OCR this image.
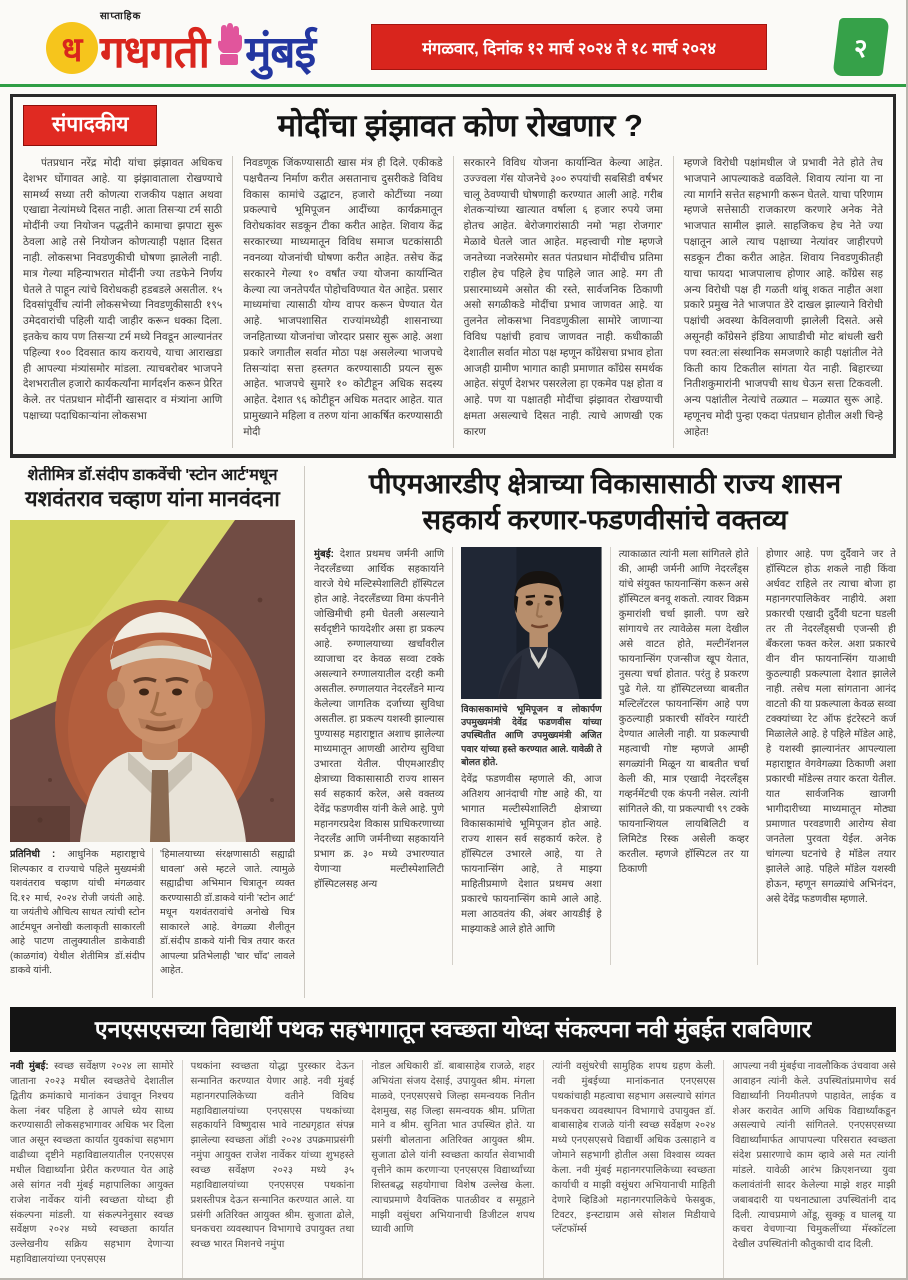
साप्ताहिक
ध गधगती मुंबई	मंगळवार, दिनांक १२ मार्च २०२४ ते १८ मार्च २०२४	२
संपादकीय	मोदींचा झंझावत कोण रोखणार ?
पंतप्रधान नरेंद्र मोदी यांचा झंझावत अधिकच देशभर घोंगावत आहे. या झंझावाताला रोखण्याचे सामर्थ्य सध्या तरी कोणत्या राजकीय पक्षात अथवा एखाद्या नेत्यांमध्ये दिसत नाही. आता तिसऱ्या टर्म साठी मोदींनी ज्या नियोजन पद्धतीने कामाचा झपाटा सुरू ठेवला आहे तसे नियोजन कोणत्याही पक्षात दिसत नाही. लोकसभा निवडणुकीची घोषणा झालेली नाही. मात्र गेल्या महिन्याभरात मोदींनी ज्या तडफेने निर्णय घेतले ते पाहून त्यांचे विरोधकही हडबडले असतील. १५ दिवसांपूर्वीच त्यांनी लोकसभेच्या निवडणुकीसाठी १९५ उमेदवारांची पहिली यादी जाहीर करून धक्का दिला. इतकेच काय पण तिसऱ्या टर्म मध्ये निवडून आल्यानंतर पहिल्या १०० दिवसात काय करायचे, याचा आराखडा ही आपल्या मंत्र्यांसमोर मांडला. त्याचबरोबर भाजपने देशभरातील हजारो कार्यकर्त्यांना मार्गदर्शन करून प्रेरित केले. तर पंतप्रधान मोदींनी खासदार व मंत्र्यांना आणि पक्षाच्या पदाधिकाऱ्यांना लोकसभा
निवडणूक जिंकण्यासाठी खास मंत्र ही दिले. एकीकडे पक्षचैतन्य निर्माण करीत असतानाच दुसरीकडे विविध विकास कामांचे उद्घाटन, हजारो कोटींच्या नव्या प्रकल्पाचे भूमिपूजन आदींच्या कार्यक्रमातून विरोधकांवर सडकून टीका करीत आहेत. शिवाय केंद्र सरकारच्या माध्यमातून विविध समाज घटकांसाठी नवनव्या योजनांची घोषणा करीत आहेत. तसेच केंद्र सरकारने गेल्या १० वर्षांत ज्या योजना कार्यान्वित केल्या त्या जनतेपर्यंत पोहोचविण्यात येत आहेत. प्रसार माध्यमांचा त्यासाठी योग्य वापर करून घेण्यात येत आहे. भाजपशासित राज्यांमध्येही शासनाच्या जनहिताच्या योजनांचा जोरदार प्रसार सुरू आहे. अशा प्रकारे जगातील सर्वात मोठा पक्ष असलेल्या भाजपचे तिसऱ्यांदा सत्ता हस्तगत करण्यासाठी प्रयत्न सुरू आहेत. भाजपचे सुमारे १० कोटीहून अधिक सदस्य आहेत. देशात ९६ कोटीहून अधिक मतदार आहेत. यात प्रामुख्याने महिला व तरुण यांना आकर्षित करण्यासाठी मोदी
सरकारने विविध योजना कार्यान्वित केल्या आहेत. उज्ज्वला गॅस योजनेचे ३०० रुपयांची सबसिडी वर्षभर चालू ठेवण्याची घोषणाही करण्यात आली आहे. गरीब शेतकऱ्यांच्या खात्यात वर्षाला ६ हजार रुपये जमा होतच आहेत. बेरोजगारांसाठी नमो 'महा रोजगार' मेळावे घेतले जात आहेत. महत्त्वाची गोष्ट म्हणजे जनतेच्या नजरेसमोर सतत पंतप्रधान मोदींचीच प्रतिमा राहील हेच पहिले हेच पाहिले जात आहे. मग ती प्रसारमाध्यमे असोत की रस्ते, सार्वजनिक ठिकाणी असो सगळीकडे मोदींचा प्रभाव जाणवत आहे. या तुलनेत लोकसभा निवडणुकीला सामोरे जाणाऱ्या विविध पक्षांची हवाच जाणवत नाही. कधीकाळी देशातील सर्वात मोठा पक्ष म्हणून काँग्रेसचा प्रभाव होता आजही ग्रामीण भागात काही प्रमाणात काँग्रेस समर्थक आहेत. संपूर्ण देशभर पसरलेला हा एकमेव पक्ष होता व आहे. पण या पक्षातही मोदींचा झंझावत रोखण्याची क्षमता असल्याचे दिसत नाही. त्याचे आणखी एक कारण
म्हणजे विरोधी पक्षांमधील जे प्रभावी नेते होते तेच भाजपाने आपल्याकडे वळविले. शिवाय त्यांना या ना त्या मार्गाने सत्तेत सहभागी करून घेतले. याचा परिणाम म्हणजे सत्तेसाठी राजकारण करणारे अनेक नेते भाजपात सामील झाले. साहजिकच हेच नेते ज्या पक्षातून आले त्याच पक्षाच्या नेत्यांवर जाहीरपणे सडकून टीका करीत आहेत. शिवाय निवडणुकीतही याचा फायदा भाजपालाच होणार आहे. काँग्रेस सह अन्य विरोधी पक्ष ही गळती थांबू शकत नाहीत अशा प्रकारे प्रमुख नेते भाजपात डेरे दाखल झाल्याने विरोधी पक्षांची अवस्था केविलवाणी झालेली दिसते. असे असूनही काँग्रेसने इंडिया आघाडीची मोट बांधली खरी पण स्वत:ला संस्थानिक समजणारे काही पक्षांतील नेते किती काय टिकतील सांगता येत नाही. बिहारच्या नितीशकुमारांनी भाजपची साथ घेऊन सत्ता टिकवली. अन्य पक्षांतील नेत्यांचे तळ्यात – मळ्यात सुरू आहे. म्हणूनच मोदी पुन्हा एकदा पंतप्रधान होतील अशी चिन्हे आहेत!
शेतीमित्र डॉ.संदीप डाकवेंची 'स्टोन आर्ट'मधून
यशवंतराव चव्हाण यांना मानवंदना
प्रतिनिधी : आधुनिक महाराष्ट्राचे शिल्पकार व राज्याचे पहिले मुख्यमंत्री यशवंतराव चव्हाण यांची मंगळवार दि.१२ मार्च, २०२४ रोजी जयंती आहे. या जयंतीचे औचित्य साधत त्यांची स्टोन आर्टमधून अनोखी कलाकृती साकारली आहे पाटण तालुक्यातील डाकेवाडी (काळगांव) येथील शेतीमित्र डॉ.संदीप डाकवे यांनी.
'हिमालयाच्या संरक्षणासाठी सह्याद्री धावला' असे म्हटले जाते. त्यामुळे सह्याद्रीचा अभिमान चित्रातून व्यक्त करण्यासाठी डॉ.डाकवे यांनी 'स्टोन आर्ट' मधून यशवंतरावांचे अनोखे चित्र साकारले आहे. वेगळ्या शैलीतून डॉ.संदीप डाकवे यांनी चित्र तयार करत आपल्या प्रतिभेलाही 'चार चाँद' लावले आहेत.
पीएमआरडीए क्षेत्राच्या विकासासाठी राज्य शासन
सहकार्य करणार-फडणवीसांचे वक्तव्य
मुंबई: देशात प्रथमच जर्मनी आणि नेदरलँडच्या आर्थिक सहकार्याने वारजे येथे मल्टिस्पेशालिटी हॉस्पिटल होत आहे. नेदरलँडच्या विमा कंपनीने जोखिमीची हमी घेतली असल्याने सर्वदृष्टीने फायदेशीर असा हा प्रकल्प आहे. रुग्णालयाच्या खर्चांवरील व्याजाचा दर केवळ सव्वा टक्के असल्याने रुग्णालयातील दरही कमी असतील. रुग्णालयात नेदरलँडने मान्य केलेल्या जागतिक दर्जाच्या सुविधा असतील. हा प्रकल्प यशस्वी झाल्यास पुण्यासह महाराष्ट्रात अशाच झालेल्या माध्यमातून आणखी आरोग्य सुविधा उभारता येतील. पीएमआरडीए क्षेत्राच्या विकासासाठी राज्य शासन सर्व सहकार्य करेल, असे वक्तव्य देवेंद्र फडणवीस यांनी केले आहे. पुणे महानगरप्रदेश विकास प्राधिकरणाच्या नेदरलँड आणि जर्मनीच्या सहकार्याने प्रभाग क्र. ३० मध्ये उभारण्यात येणाऱ्या मल्टीस्पेशालिटी हॉस्पिटलसह अन्य
विकासकामांचे भूमिपूजन व लोकार्पण उपमुख्यमंत्री देवेंद्र फडणवीस यांच्या उपस्थितीत आणि उपमुख्यमंत्री अजित पवार यांच्या हस्ते करण्यात आले. यावेळी ते बोलत होते.
देवेंद्र फडणवीस म्हणाले की, आज अतिशय आनंदाची गोष्ट आहे की, या भागात मल्टीस्पेशालिटी क्षेत्राच्या विकासकामांचे भूमिपूजन होत आहे. राज्य शासन सर्व सहकार्य करेल. हे हॉस्पिटल उभारले आहे, या ते फायनान्सिंग आहे, ते माझ्या माहितीप्रमाणे देशात प्रथमच अशा प्रकारचे फायनान्सिंग कामे आले आहे. मला आठवतंय की, अंबर आयडीई हे माझ्याकडे आले होते आणि
त्याकाळात त्यांनी मला सांगितले होते की, आम्ही जर्मनी आणि नेदरलँड्स यांचे संयुक्त फायनान्सिंग करून असे हॉस्पिटल बनवू शकतो. त्यावर विक्रम कुमारांशी चर्चा झाली. पण खरे सांगायचे तर त्यावेळेस मला देखील असे वाटत होते, मल्टीनॅशनल फायनान्सिंग एजन्सीज खूप येतात, नुसत्या चर्चा होतात. परंतु हे प्रकरण पुढे गेले. या हॉस्पिटलच्या बाबतीत मल्टिलॅटरल फायनान्सिंग आहे पण कुठल्याही प्रकारची सॉवरेन ग्यारंटी देण्यात आलेली नाही. या प्रकल्पाची महत्वाची गोष्ट म्हणजे आम्ही सगळ्यांनी मिळून या बाबतीत चर्चा केली की, मात्र एखादी नेदरलँड्स गव्हर्नमेंटची एक कंपनी नसेल. त्यांनी सांगितले की, या प्रकल्पाची ९९ टक्के फायनान्शियल लायबिलिटी व लिमिटेड रिस्क असेली कव्हर करतील. म्हणजे हॉस्पिटल तर या ठिकाणी
होणार आहे. पण दुर्दैवाने जर ते हॉस्पिटल होऊ शकले नाही किंवा अर्धवट राहिले तर त्याचा बोजा हा महानगरपालिकेवर नाहीये. अशा प्रकारची एखादी दुर्दैवी घटना घडली तर ती नेदरलँड्सची एजन्सी ही बँकरला फक्त करेल. अशा प्रकारचे वीन वीन फायनान्सिंग याआधी कुठल्याही प्रकल्पाला देशात झालेले नाही. तसेच मला सांगताना आनंद वाटतो की या प्रकल्पाला केवळ सव्वा टक्क्यांच्या रेट ऑफ इंटरेस्टने कर्ज मिळालेले आहे. हे पहिले मॉडेल आहे, हे यशस्वी झाल्यानंतर आपल्याला महाराष्ट्रात वेगवेगळ्या ठिकाणी अशा प्रकारची मॉडेल्स तयार करता येतील. यात सार्वजनिक खाजगी भागीदारीच्या माध्यमातून मोठ्या प्रमाणात परवडणारी आरोग्य सेवा जनतेला पुरवता येईल. अनेक चांगल्या घटनांचे हे मॉडेल तयार झालेले आहे. पहिले मॉडेल यशस्वी होऊन, म्हणून सगळ्यांचे अभिनंदन, असे देवेंद्र फडणवीस म्हणाले.
एनएसएसच्या विद्यार्थी पथक सहभागातून स्वच्छता योध्दा संकल्पना नवी मुंबईत राबविणार
नवी मुंबई: स्वच्छ सर्वेक्षण २०२४ ला सामोरे जाताना २०२३ मधील स्वच्छतेचे देशातील द्वितीय क्रमांकाचे मानांकन उंचावून निश्चय केला नंबर पहिला हे आपले ध्येय साध्य करण्यासाठी लोकसहभागावर अधिक भर दिला जात असून स्वच्छता कार्यात युवकांचा सहभाग वाढीच्या दृष्टीने महाविद्यालयातील एनएसएस मधील विद्यार्थ्यांना प्रेरीत करण्यात येत आहे असे सांगत नवी मुंबई महापालिका आयुक्त राजेश नार्वेकर यांनी स्वच्छता योध्दा ही संकल्पना मांडली. या संकल्पनेनुसार स्वच्छ सर्वेक्षण २०२४ मध्ये स्वच्छता कार्यात उल्लेखनीय सक्रिय सहभाग देणाऱ्या महाविद्यालयांच्या एनएसएस
पथकांना स्वच्छता योद्धा पुरस्कार देऊन सन्मानित करण्यात येणार आहे. नवी मुंबई महानगरपालिकेच्या वतीने विविध महाविद्यालयांच्या एनएसएस पथकांच्या सहकार्याने विष्णुदास भावे नाट्यगृहात संपन्न झालेल्या स्वच्छता ऑडी २०२४ उपक्रमाप्रसंगी नमुंपा आयुक्त राजेश नार्वेकर यांच्या शुभहस्ते स्वच्छ सर्वेक्षण २०२३ मध्ये ३५ महाविद्यालयांच्या एनएसएस पथकांना प्रशस्तीपत्र देऊन सन्मानित करण्यात आले. या प्रसंगी अतिरिक्त आयुक्त श्रीम. सुजाता ढोले, घनकचरा व्यवस्थापन विभागाचे उपायुक्त तथा स्वच्छ भारत मिशनचे नमुंपा
नोडल अधिकारी डॉ. बाबासाहेब राजळे, शहर अभियंता संजय देसाई, उपायुक्त श्रीम. मंगला माळवे, एनएसएसचे जिल्हा समन्वयक नितीन देशमुख, सह जिल्हा समन्वयक श्रीम. प्रणिता माने व श्रीम. सुनिता भात उपस्थित होते. या प्रसंगी बोलताना अतिरिक्त आयुक्त श्रीम. सुजाता ढोले यांनी स्वच्छता कार्यात सेवाभावी वृत्तीने काम करणाऱ्या एनएसएस विद्यार्थ्यांच्या शिस्तबद्ध सहयोगाचा विशेष उल्लेख केला. त्याचप्रमाणे वैयक्तिक पातळीवर व समूहाने माझी वसुंधरा अभियानाची डिजीटल शपथ घ्यावी आणि
त्यांनी वसुंधरेची सामुहिक शपथ ग्रहण केली. नवी मुंबईच्या मानांकनात एनएसएस पथकांचाही महत्वाचा सहभाग असल्याचे सांगत घनकचरा व्यवस्थापन विभागाचे उपायुक्त डॉ. बाबासाहेब राजळे यांनी स्वच्छ सर्वेक्षण २०२४ मध्ये एनएसएसचे विद्यार्थी अधिक उत्साहाने व जोमाने सहभागी होतील असा विश्वास व्यक्त केला. नवी मुंबई महानगरपालिकेच्या स्वच्छता कार्याची व माझी वसुंधरा अभियानाची माहिती देणारे व्हिडिओ महानगरपालिकेचे फेसबुक, टिवटर, इन्स्टाग्राम असे सोशल मिडीयाचे प्लॅटफॉर्म्स
आपल्या नवी मुंबईचा नावलौकिक उंचवावा असे आवाहन त्यांनी केले. उपस्थितांप्रमाणेच सर्व विद्यार्थ्यांनी नियमीतपणे पाहावेत, लाईक व शेअर करावेत आणि अधिक विद्यार्थ्यांकडून असल्याचे त्यांनी सांगितले. एनएसएसच्या विद्यार्थ्यांमार्फत आपापल्या परिसरात स्वच्छता संदेश प्रसारणाचे काम व्हावे असे मत त्यांनी मांडले. यावेळी आरंभ क्रिएशनच्या युवा कलावंतांनी सादर केलेल्या माझे शहर माझी जबाबदारी या पथनाट्याला उपस्थितांनी दाद दिली. त्याचप्रमाणे ओंडू, सुक्कू व घालबू या कचरा वेचणाऱ्या चिमुकलींच्या मॅस्कॉटला देखील उपस्थितांनी कौतुकाची दाद दिली.
